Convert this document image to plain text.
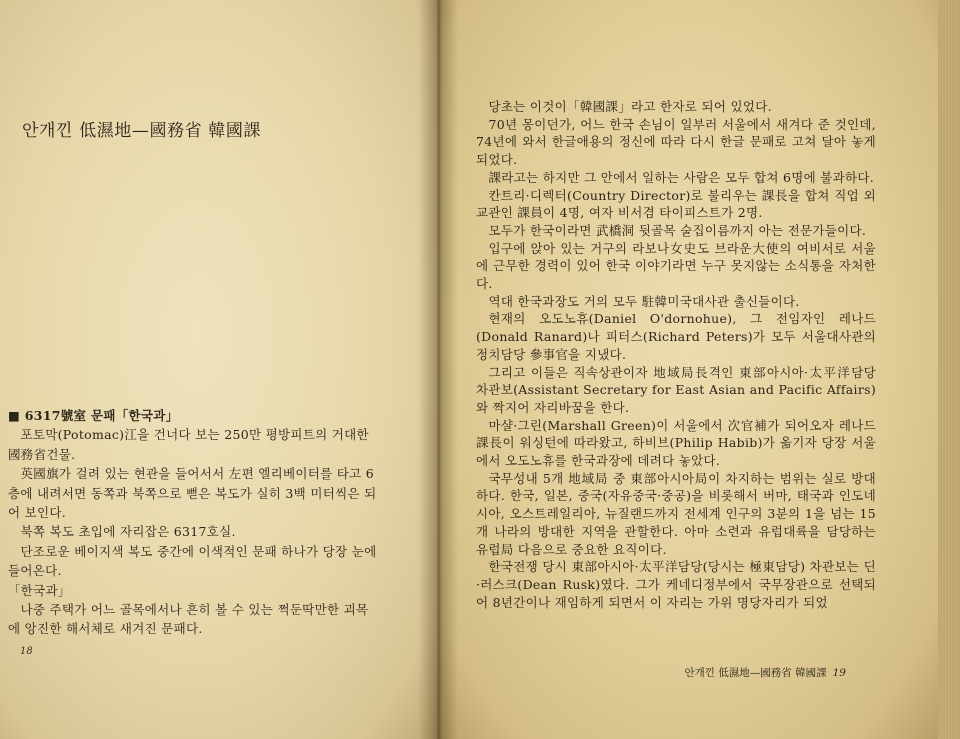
안개낀 低濕地—國務省 韓國課

■ 6317號室 문패「한국과」

포토막(Potomac)江을 건너다 보는 250만 평방피트의 거대한 國務省건물.

英國旗가 걸려 있는 현관을 들어서서 左편 엘리베이터를 타고 6층에 내려서면 동쪽과 북쪽으로 뻗은 복도가 실히 3백 미터씩은 되어 보인다.

북쪽 복도 초입에 자리잡은 6317호실.

단조로운 베이지색 복도 중간에 이색적인 문패 하나가 당장 눈에 들어온다.

「한국과」

나중 주택가 어느 골목에서나 흔히 볼 수 있는 쩍둔딱만한 괴목에 앙진한 해서체로 새겨진 문패다.

18

당초는 이것이「韓國課」라고 한자로 되어 있었다.

70년 몽이던가, 어느 한국 손님이 일부러 서울에서 새겨다 준 것인데, 74년에 와서 한글애용의 정신에 따라 다시 한글 문패로 고쳐 달아 놓게 되었다.

課라고는 하지만 그 안에서 일하는 사람은 모두 합쳐 6명에 불과하다.

칸트리·디렉터(Country Director)로 불리우는 課長을 합쳐 직업 외교관인 課員이 4명, 여자 비서겸 타이피스트가 2명.

모두가 한국이라면 武橋洞 뒷골목 술집이름까지 아는 전문가들이다.

입구에 앉아 있는 거구의 라보나女史도 브라운大使의 여비서로 서울에 근무한 경력이 있어 한국 이야기라면 누구 못지않는 소식통을 자처한다.

역대 한국과장도 거의 모두 駐韓미국대사관 출신들이다.

현재의 오도노휴(Daniel O'dornohue), 그 전임자인 레나드(Donald Ranard)나 피터스(Richard Peters)가 모두 서울대사관의 정치담당 參事官을 지냈다.

그리고 이들은 직속상관이자 地域局長격인 東部아시아·太平洋담당 차관보(Assistant Secretary for East Asian and Pacific Affairs)와 짝지어 자리바꿈을 한다.

마샬·그린(Marshall Green)이 서울에서 次官補가 되어오자 레나드課長이 워싱턴에 따라왔고, 하비브(Philip Habib)가 옮기자 당장 서울에서 오도노휴를 한국과장에 데려다 놓았다.

국무성내 5개 地域局 중 東部아시아局이 차지하는 범위는 실로 방대하다. 한국, 일본, 중국(자유중국·중공)을 비롯해서 버마, 태국과 인도네시아, 오스트레일리아, 뉴질랜드까지 전세계 인구의 3분의 1을 넘는 15개 나라의 방대한 지역을 관할한다. 아마 소련과 유럽대륙을 담당하는 유럽局 다음으로 중요한 요직이다.

한국전쟁 당시 東部아시아·太平洋담당(당시는 極東담당) 차관보는 딘·러스크(Dean Rusk)였다. 그가 케네디정부에서 국무장관으로 선택되어 8년간이나 재임하게 되면서 이 자리는 가위 명당자리가 되었

안개낀 低濕地—國務省 韓國課 19
